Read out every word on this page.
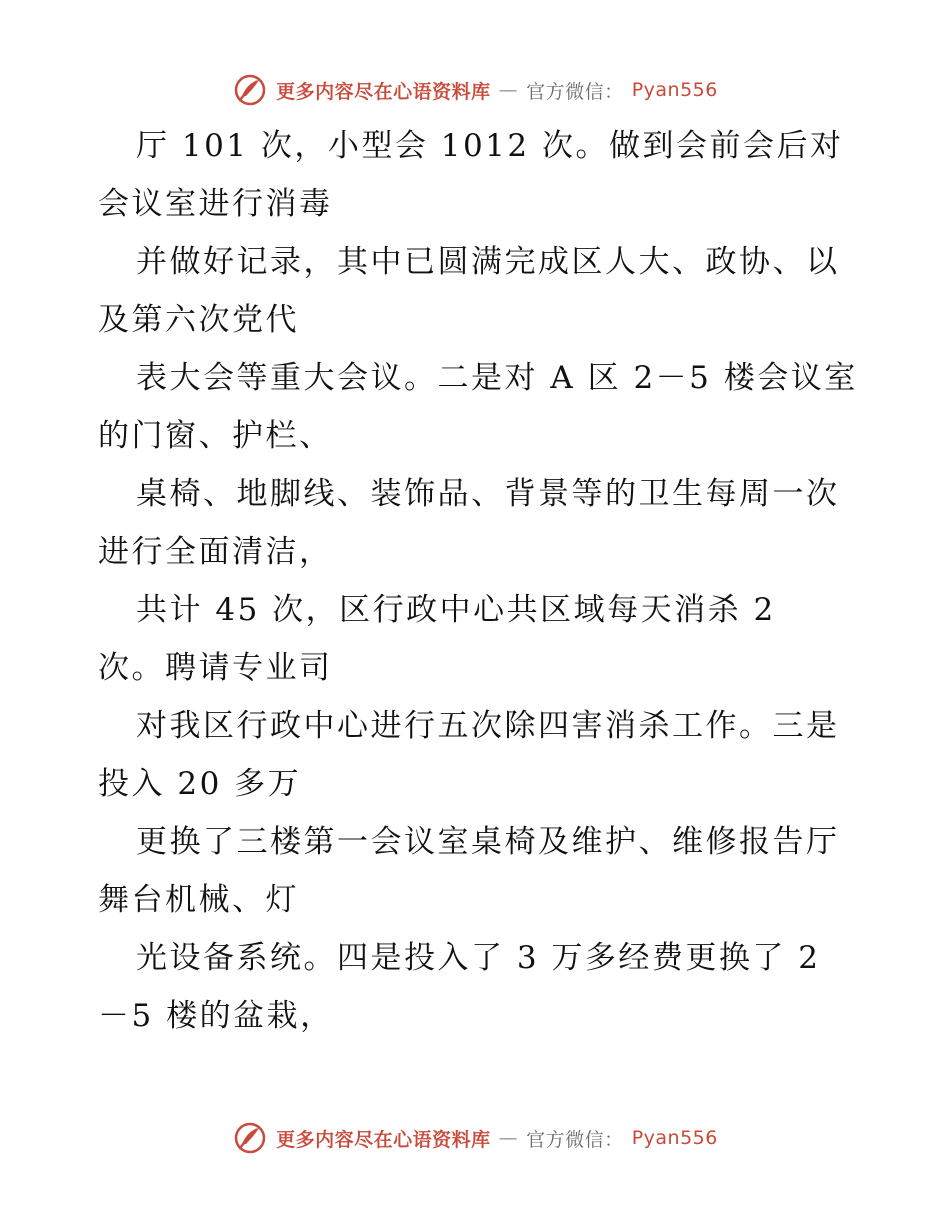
更多内容尽在心语资料库 — 官方微信： Pyan556
厅 101 次，小型会 1012 次。做到会前会后对
会议室进行消毒
并做好记录，其中已圆满完成区人大、政协、以
及第六次党代
表大会等重大会议。二是对 A 区 2－5 楼会议室
的门窗、护栏、
桌椅、地脚线、装饰品、背景等的卫生每周一次
进行全面清洁，
共计 45 次，区行政中心共区域每天消杀 2
次。聘请专业司
对我区行政中心进行五次除四害消杀工作。三是
投入 20 多万
更换了三楼第一会议室桌椅及维护、维修报告厅
舞台机械、灯
光设备系统。四是投入了 3 万多经费更换了 2
－5 楼的盆栽，
更多内容尽在心语资料库 — 官方微信： Pyan556
